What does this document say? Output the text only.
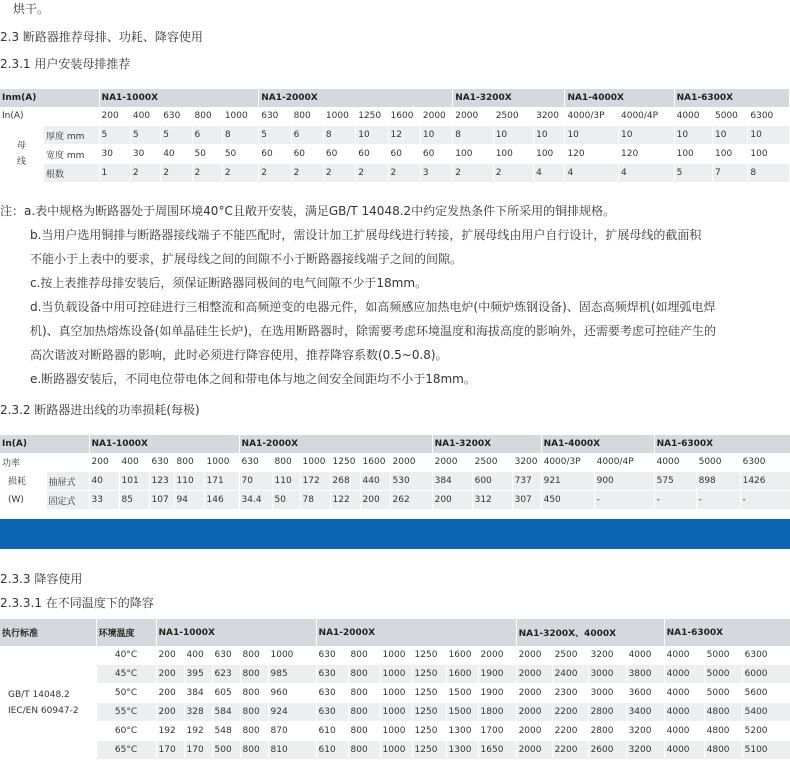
烘干。
2.3 断路器推荐母排、功耗、降容使用
2.3.1 用户安装母排推荐
Inm(A)		NA1-1000X					NA1-2000X						NA1-3200X			NA1-4000X		NA1-6300X		
In(A)		200	400	630	800	1000	630	800	1000	1250	1600	2000	2000	2500	3200	4000/3P	4000/4P	4000	5000	6300
母
线	厚度 mm	5	5	5	6	8	5	6	8	10	12	10	8	10	10	10	10	10	10	10
	宽度 mm	30	30	40	50	50	60	60	60	60	60	60	100	100	100	120	120	100	100	100
	根数	1	2	2	2	2	2	2	2	2	2	3	2	2	4	4	4	5	7	8
注：a.表中规格为断路器处于周围环境40°C且敞开安装，满足GB/T 14048.2中约定发热条件下所采用的铜排规格。
b.当用户选用铜排与断路器接线端子不能匹配时，需设计加工扩展母线进行转接，扩展母线由用户自行设计，扩展母线的截面积
不能小于上表中的要求，扩展母线之间的间隙不小于断路器接线端子之间的间隙。
c.按上表推荐母排安装后，须保证断路器同极间的电气间隙不少于18mm。
d.当负载设备中用可控硅进行三相整流和高频逆变的电器元件，如高频感应加热电炉(中频炉炼钢设备)、固态高频焊机(如埋弧电焊
机)、真空加热熔炼设备(如单晶硅生长炉)，在选用断路器时，除需要考虑环境温度和海拔高度的影响外，还需要考虑可控硅产生的
高次谐波对断路器的影响，此时必须进行降容使用，推荐降容系数(0.5~0.8)。
e.断路器安装后，不同电位带电体之间和带电体与地之间安全间距均不小于18mm。
2.3.2 断路器进出线的功率损耗(每极)
In(A)		NA1-1000X					NA1-2000X						NA1-3200X			NA1-4000X		NA1-6300X		
功率		200	400	630	800	1000	630	800	1000	1250	1600	2000	2000	2500	3200	4000/3P	4000/4P	4000	5000	6300
损耗
(W)	抽屉式	40	101	123	110	171	70	110	172	268	440	530	384	600	737	921	900	575	898	1426
	固定式	33	85	107	94	146	34.4	50	78	122	200	262	200	312	307	450	-	-	-	-
2.3.3 降容使用
2.3.3.1 在不同温度下的降容
执行标准	环境温度	NA1-1000X					NA1-2000X						NA1-3200X、4000X				NA1-6300X		

GB/T 14048.2
IEC/EN 60947-2	40°C	200	400	630	800	1000	630	800	1000	1250	1600	2000	2000	2500	3200	4000	4000	5000	6300
	45°C	200	395	623	800	985	630	800	1000	1250	1600	1900	2000	2400	3000	3800	4000	5000	6000
	50°C	200	384	605	800	960	630	800	1000	1250	1500	1900	2000	2300	3000	3600	4000	5000	5600
	55°C	200	328	584	800	924	630	800	1000	1250	1500	1800	2000	2200	2800	3400	4000	4800	5400
	60°C	192	192	548	800	870	610	800	1000	1250	1300	1700	2000	2200	2800	3200	4000	4800	5200
	65°C	170	170	500	800	810	610	800	1000	1250	1300	1650	2000	2200	2600	3200	4000	4800	5100
